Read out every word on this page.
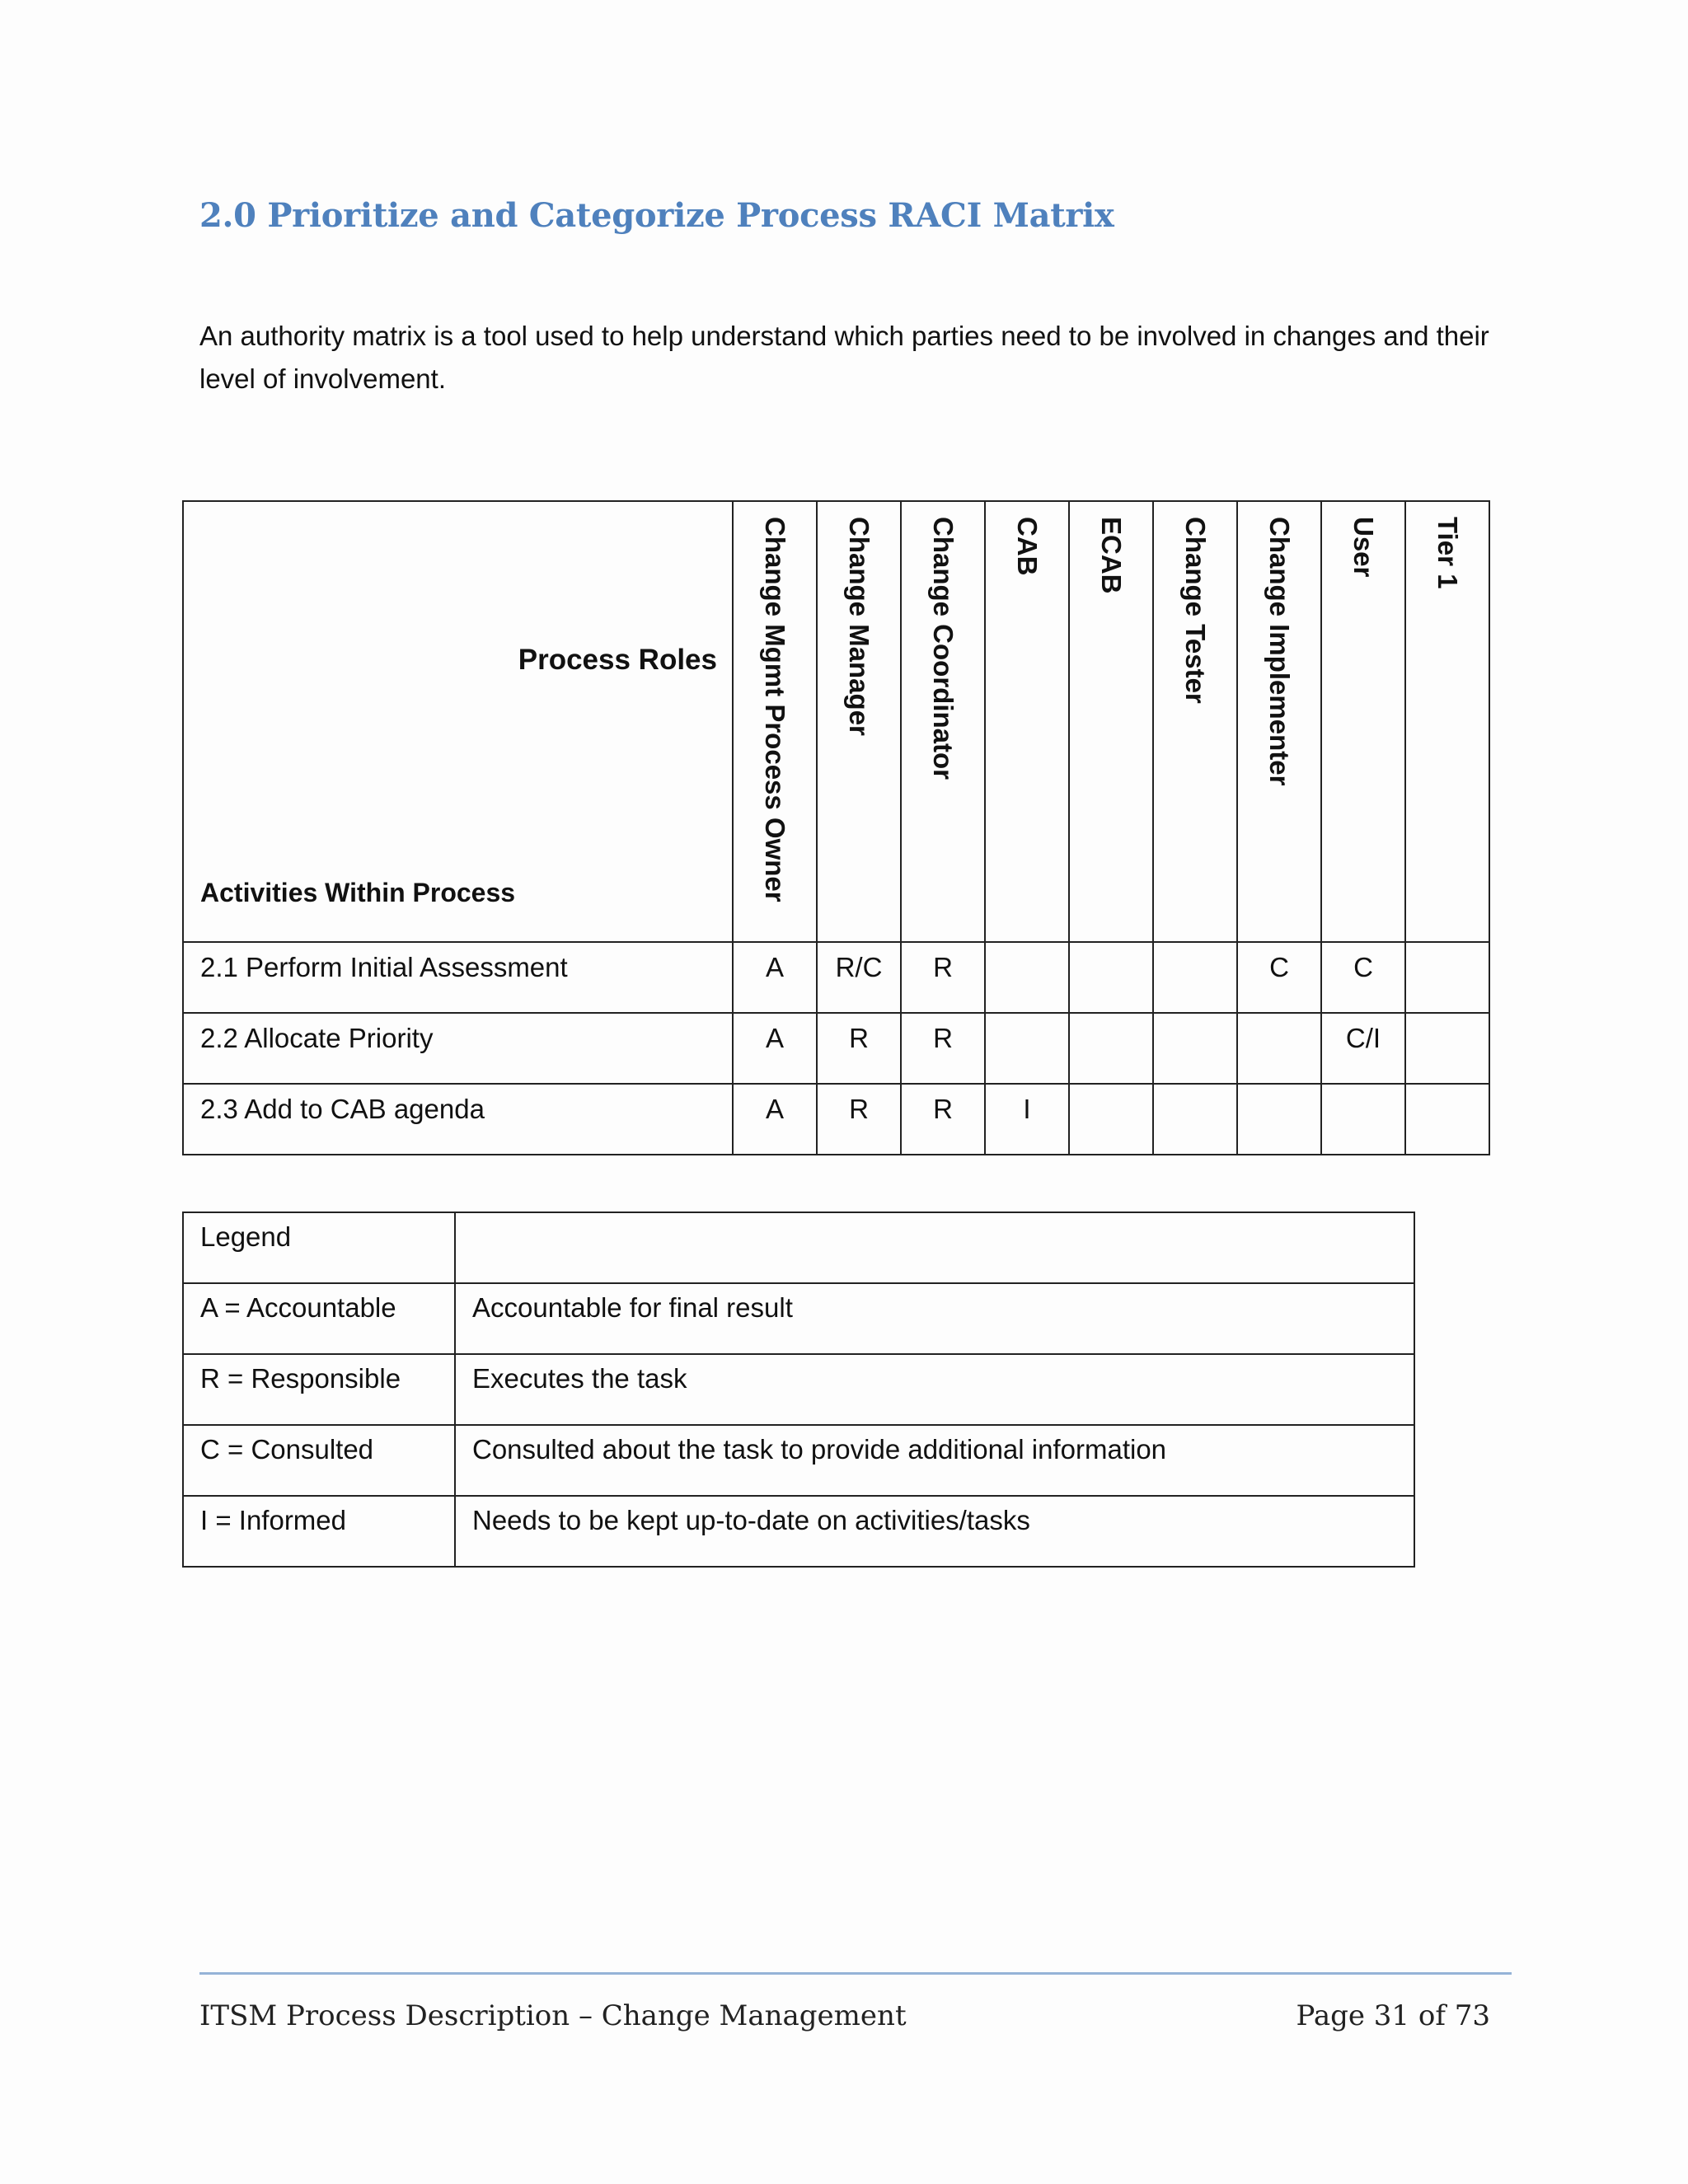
2.0 Prioritize and Categorize Process RACI Matrix

An authority matrix is a tool used to help understand which parties need to be involved in changes and their level of involvement.

Process Roles
Activities Within Process	Change Mgmt Process Owner	Change Manager	Change Coordinator	CAB	ECAB	Change Tester	Change Implementer	User	Tier 1
2.1 Perform Initial Assessment	A	R/C	R				C	C	
2.2 Allocate Priority	A	R	R					C/I	
2.3 Add to CAB agenda	A	R	R	I					
Legend	
A = Accountable	Accountable for final result
R = Responsible	Executes the task
C = Consulted	Consulted about the task to provide additional information
I = Informed	Needs to be kept up-to-date on activities/tasks
ITSM Process Description – Change Management	Page 31 of 73
